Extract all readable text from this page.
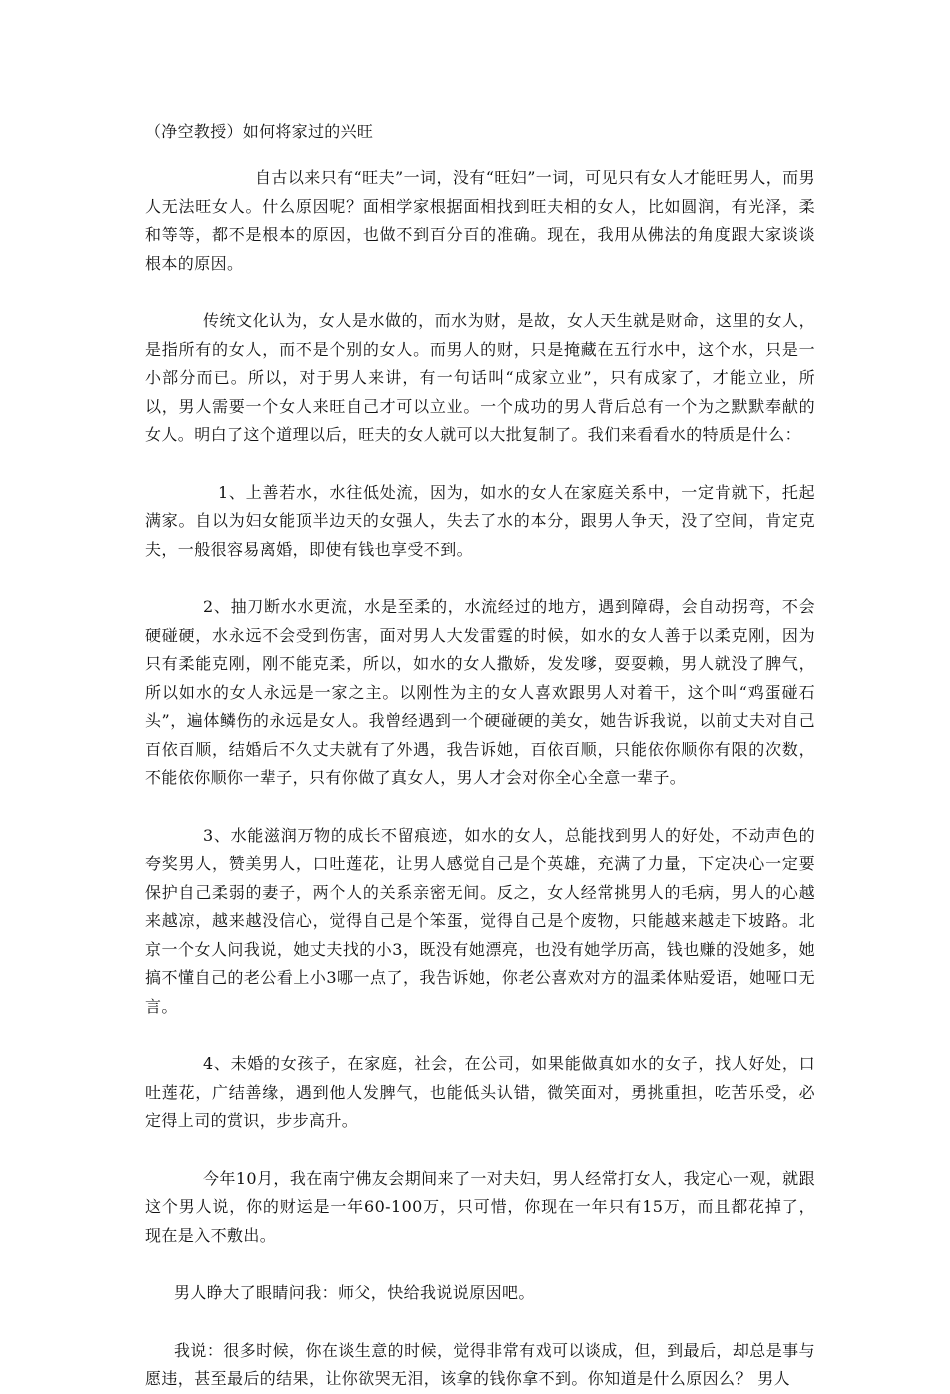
（净空教授）如何将家过的兴旺

自古以来只有“旺夫”一词，没有“旺妇”一词，可见只有女人才能旺男人，而男人无法旺女人。什么原因呢？面相学家根据面相找到旺夫相的女人，比如圆润，有光泽，柔和等等，都不是根本的原因，也做不到百分百的准确。现在，我用从佛法的角度跟大家谈谈根本的原因。

传统文化认为，女人是水做的，而水为财，是故，女人天生就是财命，这里的女人，是指所有的女人，而不是个别的女人。而男人的财，只是掩藏在五行水中，这个水，只是一小部分而已。所以，对于男人来讲，有一句话叫“成家立业”，只有成家了，才能立业，所以，男人需要一个女人来旺自己才可以立业。一个成功的男人背后总有一个为之默默奉献的女人。明白了这个道理以后，旺夫的女人就可以大批复制了。我们来看看水的特质是什么：

1、上善若水，水往低处流，因为，如水的女人在家庭关系中，一定肯就下，托起满家。自以为妇女能顶半边天的女强人，失去了水的本分，跟男人争天，没了空间，肯定克夫，一般很容易离婚，即使有钱也享受不到。

2、抽刀断水水更流，水是至柔的，水流经过的地方，遇到障碍，会自动拐弯，不会硬碰硬，水永远不会受到伤害，面对男人大发雷霆的时候，如水的女人善于以柔克刚，因为只有柔能克刚，刚不能克柔，所以，如水的女人撒娇，发发嗲，耍耍赖，男人就没了脾气，所以如水的女人永远是一家之主。以刚性为主的女人喜欢跟男人对着干，这个叫“鸡蛋碰石头”，遍体鳞伤的永远是女人。我曾经遇到一个硬碰硬的美女，她告诉我说，以前丈夫对自己百依百顺，结婚后不久丈夫就有了外遇，我告诉她，百依百顺，只能依你顺你有限的次数，不能依你顺你一辈子，只有你做了真女人，男人才会对你全心全意一辈子。

3、水能滋润万物的成长不留痕迹，如水的女人，总能找到男人的好处，不动声色的夸奖男人，赞美男人，口吐莲花，让男人感觉自己是个英雄，充满了力量，下定决心一定要保护自己柔弱的妻子，两个人的关系亲密无间。反之，女人经常挑男人的毛病，男人的心越来越凉，越来越没信心，觉得自己是个笨蛋，觉得自己是个废物，只能越来越走下坡路。北京一个女人问我说，她丈夫找的小3，既没有她漂亮，也没有她学历高，钱也赚的没她多，她搞不懂自己的老公看上小3哪一点了，我告诉她，你老公喜欢对方的温柔体贴爱语，她哑口无言。

4、未婚的女孩子，在家庭，社会，在公司，如果能做真如水的女子，找人好处，口吐莲花，广结善缘，遇到他人发脾气，也能低头认错，微笑面对，勇挑重担，吃苦乐受，必定得上司的赏识，步步高升。

今年10月，我在南宁佛友会期间来了一对夫妇，男人经常打女人，我定心一观，就跟这个男人说，你的财运是一年60-100万，只可惜，你现在一年只有15万，而且都花掉了，现在是入不敷出。

男人睁大了眼睛问我：师父，快给我说说原因吧。

我说：很多时候，你在谈生意的时候，觉得非常有戏可以谈成，但，到最后，却总是事与愿违，甚至最后的结果，让你欲哭无泪，该拿的钱你拿不到。你知道是什么原因么？ 男人
